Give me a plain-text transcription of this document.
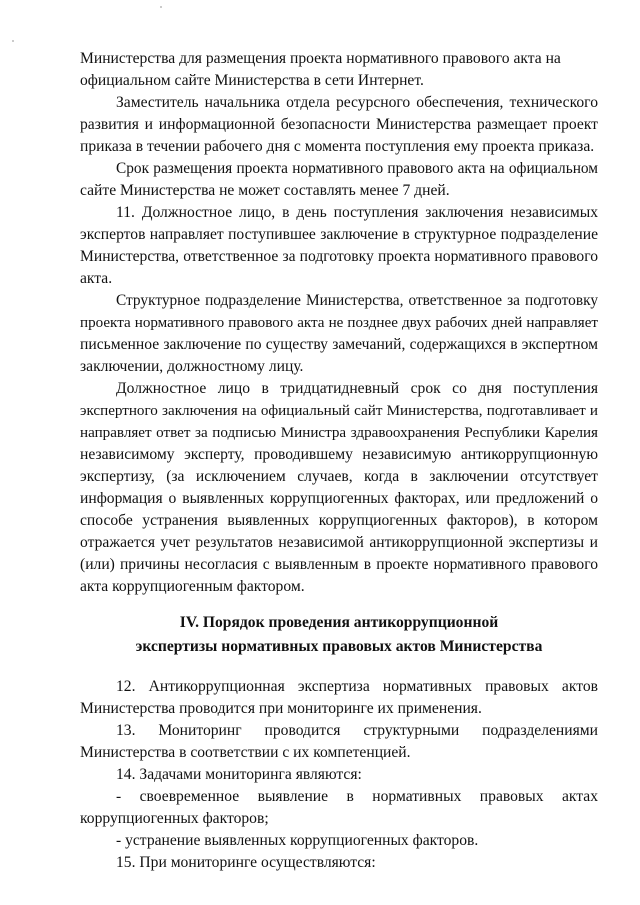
Министерства для размещения проекта нормативного правового акта на
официальном сайте Министерства в сети Интернет.
Заместитель начальника отдела ресурсного обеспечения, технического
развития и информационной безопасности Министерства размещает проект
приказа в течении рабочего дня с момента поступления ему проекта приказа.
Срок размещения проекта нормативного правового акта на официальном
сайте Министерства не может составлять менее 7 дней.
11. Должностное лицо, в день поступления заключения независимых
экспертов направляет поступившее заключение в структурное подразделение
Министерства, ответственное за подготовку проекта нормативного правового
акта.
Структурное подразделение Министерства, ответственное за подготовку
проекта нормативного правового акта не позднее двух рабочих дней направляет
письменное заключение по существу замечаний, содержащихся в экспертном
заключении, должностному лицу.
Должностное лицо в тридцатидневный срок со дня поступления
экспертного заключения на официальный сайт Министерства, подготавливает и
направляет ответ за подписью Министра здравоохранения Республики Карелия
независимому эксперту, проводившему независимую антикоррупционную
экспертизу, (за исключением случаев, когда в заключении отсутствует
информация о выявленных коррупциогенных факторах, или предложений о
способе устранения выявленных коррупциогенных факторов), в котором
отражается учет результатов независимой антикоррупционной экспертизы и
(или) причины несогласия с выявленным в проекте нормативного правового
акта коррупциогенным фактором.
IV. Порядок проведения антикоррупционной
экспертизы нормативных правовых актов Министерства
12. Антикоррупционная экспертиза нормативных правовых актов
Министерства проводится при мониторинге их применения.
13. Мониторинг проводится структурными подразделениями
Министерства в соответствии с их компетенцией.
14. Задачами мониторинга являются:
- своевременное выявление в нормативных правовых актах
коррупциогенных факторов;
- устранение выявленных коррупциогенных факторов.
15. При мониторинге осуществляются:
